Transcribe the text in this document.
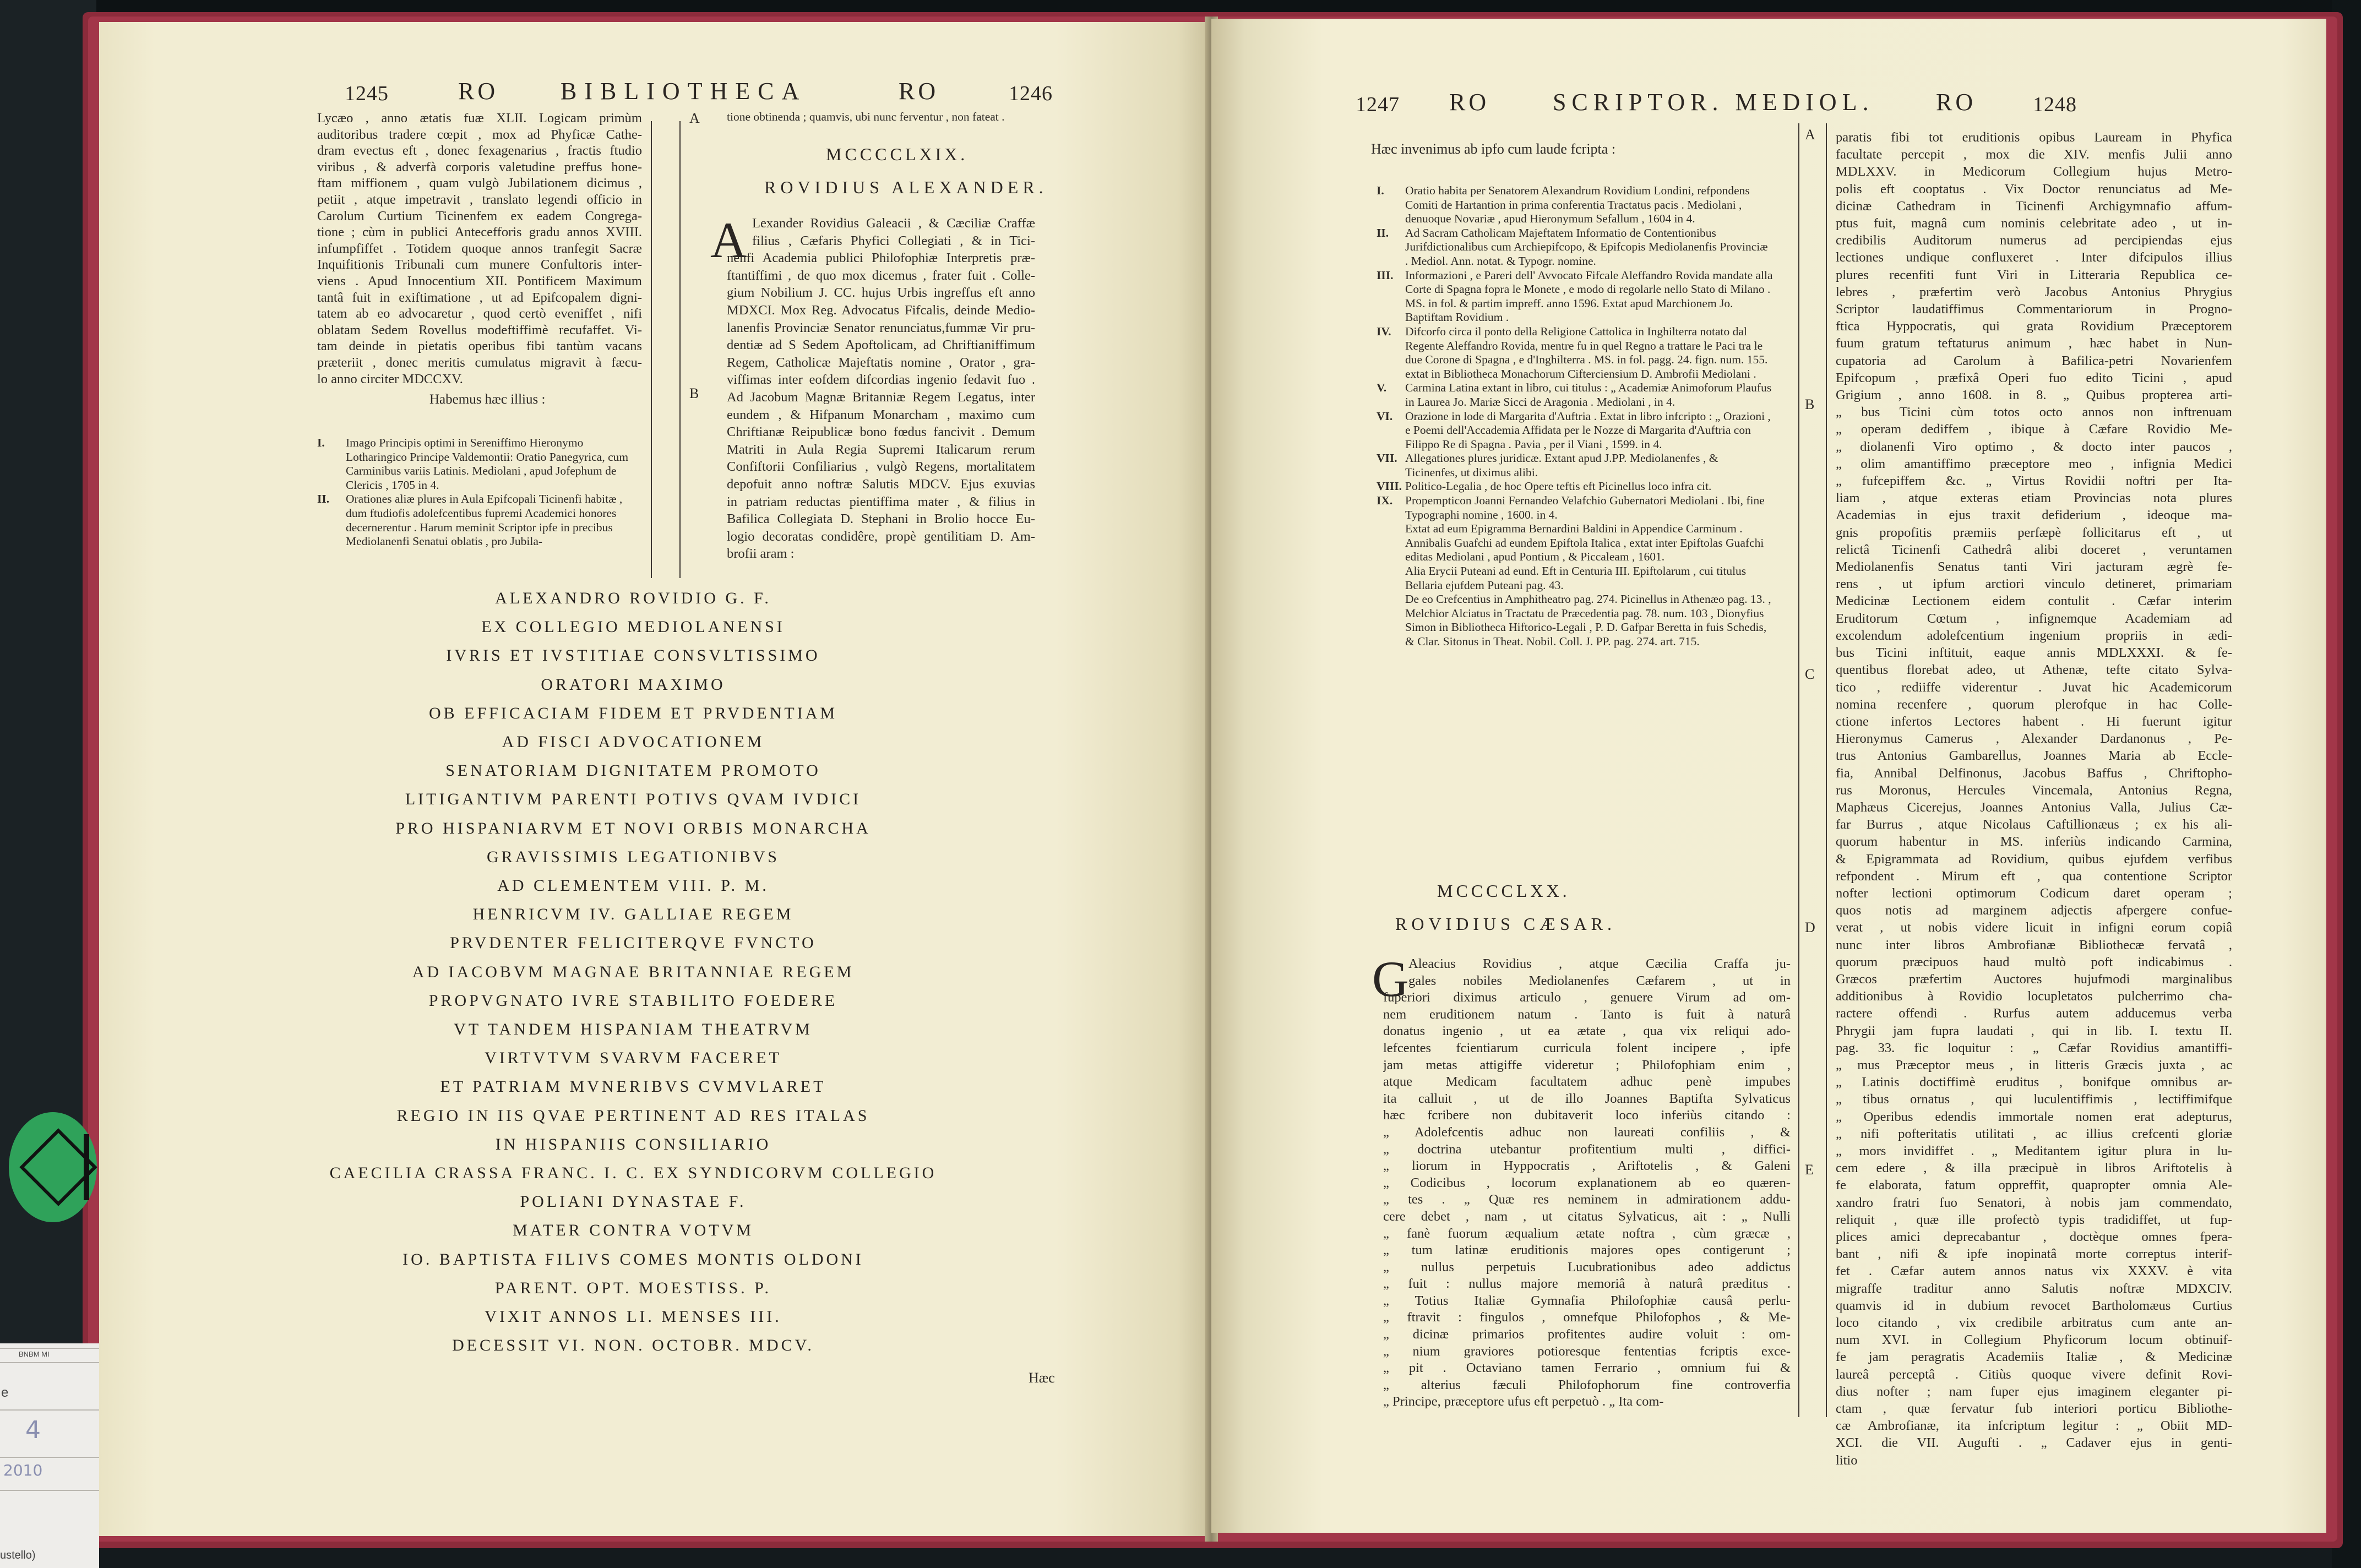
BNBM MI
e
4
2010
ustello)
1245	RO	BIBLIOTHECA	RO	1246
Lycæo , anno ætatis fuæ XLII. Logicam primùm
auditoribus tradere cœpit , mox ad Phyficæ Cathe-
dram evectus eft , donec fexagenarius , fractis ftudio
viribus , & adverfà corporis valetudine preffus hone-
ftam miffionem , quam vulgò Jubilationem dicimus ,
petiit , atque impetravit , translato legendi officio in
Carolum Curtium Ticinenfem ex eadem Congrega-
tione ; cùm in publici Antecefforis gradu annos XVIII.
infumpfiffet . Totidem quoque annos tranfegit Sacræ
Inquifitionis Tribunali cum munere Confultoris inter-
viens . Apud Innocentium XII. Pontificem Maximum
tantâ fuit in exiftimatione , ut ad Epifcopalem digni-
tatem ab eo advocaretur , quod certò eveniffet , nifi
oblatam Sedem Rovellus modeftiffimè recufaffet. Vi-
tam deinde in pietatis operibus fibi tantùm vacans
præteriit , donec meritis cumulatus migravit à fæcu-
lo anno circiter MDCCXV.
Habemus hæc illius :
I.	Imago Principis optimi in Sereniffimo Hieronymo Lotharingico Principe Valdemontii: Oratio Panegyrica, cum Carminibus variis Latinis. Mediolani , apud Jofephum de Clericis , 1705 in 4.
II.	Orationes aliæ plures in Aula Epifcopali Ticinenfi habitæ , dum ftudiofis adolefcentibus fupremi Academici honores decernerentur . Harum meminit Scriptor ipfe in precibus Mediolanenfi Senatui oblatis , pro Jubila-
A
B
tione obtinenda ; quamvis, ubi nunc ferventur , non fateat .
MCCCCLXIX.
ROVIDIUS ALEXANDER.
A Lexander Rovidius Galeacii , & Cæciliæ Craffæ
filius , Cæfaris Phyfici Collegiati , & in Tici-
nenfi Academia publici Philofophiæ Interpretis præ-
ftantiffimi , de quo mox dicemus , frater fuit . Colle-
gium Nobilium J. CC. hujus Urbis ingreffus eft anno
MDXCI. Mox Reg. Advocatus Fifcalis, deinde Medio-
lanenfis Provinciæ Senator renunciatus,fummæ Vir pru-
dentiæ ad S Sedem Apoftolicam, ad Chriftianiffimum
Regem, Catholicæ Majeftatis nomine , Orator , gra-
viffimas inter eofdem difcordias ingenio fedavit fuo .
Ad Jacobum Magnæ Britanniæ Regem Legatus, inter
eundem , & Hifpanum Monarcham , maximo cum
Chriftianæ Reipublicæ bono fœdus fancivit . Demum
Matriti in Aula Regia Supremi Italicarum rerum
Confiftorii Confiliarius , vulgò Regens, mortalitatem
depofuit anno noftræ Salutis MDCV. Ejus exuvias
in patriam reductas pientiffima mater , & filius in
Bafilica Collegiata D. Stephani in Brolio hocce Eu-
logio decoratas condidêre, propè gentilitiam D. Am-
brofii aram :
ALEXANDRO ROVIDIO G. F.
EX COLLEGIO MEDIOLANENSI
IVRIS ET IVSTITIAE CONSVLTISSIMO
ORATORI MAXIMO
OB EFFICACIAM FIDEM ET PRVDENTIAM
AD FISCI ADVOCATIONEM
SENATORIAM DIGNITATEM PROMOTO
LITIGANTIVM PARENTI POTIVS QVAM IVDICI
PRO HISPANIARVM ET NOVI ORBIS MONARCHA
GRAVISSIMIS LEGATIONIBVS
AD CLEMENTEM VIII. P. M.
HENRICVM IV. GALLIAE REGEM
PRVDENTER FELICITERQVE FVNCTO
AD IACOBVM MAGNAE BRITANNIAE REGEM
PROPVGNATO IVRE STABILITO FOEDERE
VT TANDEM HISPANIAM THEATRVM
VIRTVTVM SVARVM FACERET
ET PATRIAM MVNERIBVS CVMVLARET
REGIO IN IIS QVAE PERTINENT AD RES ITALAS
IN HISPANIIS CONSILIARIO
CAECILIA CRASSA FRANC. I. C. EX SYNDICORVM COLLEGIO
POLIANI DYNASTAE F.
MATER CONTRA VOTVM
IO. BAPTISTA FILIVS COMES MONTIS OLDONI
PARENT. OPT. MOESTISS. P.
VIXIT ANNOS LI. MENSES III.
DECESSIT VI. NON. OCTOBR. MDCV.
Hæc
1247 RO	SCRIPTOR. MEDIOL.	RO	1248
Hæc invenimus ab ipfo cum laude fcripta :
I.	Oratio habita per Senatorem Alexandrum Rovidium Londini, refpondens Comiti de Hartantion in prima conferentia Tractatus pacis . Mediolani , denuoque Novariæ , apud Hieronymum Sefallum , 1604 in 4.
II.	Ad Sacram Catholicam Majeftatem Informatio de Contentionibus Jurifdictionalibus cum Archiepifcopo, & Epifcopis Mediolanenfis Provinciæ . Mediol. Ann. notat. & Typogr. nomine.
III.	Informazioni , e Pareri dell' Avvocato Fifcale Aleffandro Rovida mandate alla Corte di Spagna fopra le Monete , e modo di regolarle nello Stato di Milano . MS. in fol. & partim impreff. anno 1596. Extat apud Marchionem Jo. Baptiftam Rovidium .
IV.	Difcorfo circa il ponto della Religione Cattolica in Inghilterra notato dal Regente Aleffandro Rovida, mentre fu in quel Regno a trattare le Paci tra le due Corone di Spagna , e d'Inghilterra . MS. in fol. pagg. 24. fign. num. 155. extat in Bibliotheca Monachorum Cifterciensium D. Ambrofii Mediolani .
V.	Carmina Latina extant in libro, cui titulus : „ Academiæ Animoforum Plaufus in Laurea Jo. Mariæ Sicci de Aragonia . Mediolani , in 4.
VI.	Orazione in lode di Margarita d'Auftria . Extat in libro infcripto : „ Orazioni , e Poemi dell'Accademia Affidata per le Nozze di Margarita d'Auftria con Filippo Re di Spagna . Pavia , per il Viani , 1599. in 4.
VII. Allegationes plures juridicæ. Extant apud J.PP. Mediolanenfes , & Ticinenfes, ut diximus alibi.
VIII. Politico-Legalia , de hoc Opere teftis eft Picinellus loco infra cit.
IX.	Propempticon Joanni Fernandeo Velafchio Gubernatori Mediolani . Ibi, fine Typographi nomine , 1600. in 4.
Extat ad eum Epigramma Bernardini Baldini in Appendice Carminum .
Annibalis Guafchi ad eundem Epiftola Italica , extat inter Epiftolas Guafchi editas Mediolani , apud Pontium , & Piccaleam , 1601.
Alia Erycii Puteani ad eund. Eft in Centuria III. Epiftolarum , cui titulus Bellaria ejufdem Puteani pag. 43.
De eo Crefcentius in Amphitheatro pag. 274. Picinellus in Athenæo pag. 13. , Melchior Alciatus in Tractatu de Præcedentia pag. 78. num. 103 , Dionyfius Simon in Bibliotheca Hiftorico-Legali , P. D. Gafpar Beretta in fuis Schedis, & Clar. Sitonus in Theat. Nobil. Coll. J. PP. pag. 274. art. 715.
MCCCCLXX.
ROVIDIUS CÆSAR.
G Aleacius Rovidius , atque Cæcilia Craffa ju-
gales nobiles Mediolanenfes Cæfarem , ut in
fuperiori diximus articulo , genuere Virum ad om-
nem eruditionem natum . Tanto is fuit à naturâ
donatus ingenio , ut ea ætate , qua vix reliqui ado-
lefcentes fcientiarum curricula folent incipere , ipfe
jam metas attigiffe videretur ; Philofophiam enim ,
atque Medicam facultatem adhuc penè impubes
ita calluit , ut de illo Joannes Baptifta Sylvaticus
hæc fcribere non dubitaverit loco inferiùs citando :
„ Adolefcentis adhuc non laureati confiliis , &
„ doctrina utebantur profitentium multi , diffici-
„ liorum in Hyppocratis , Ariftotelis , & Galeni
„ Codicibus , locorum explanationem ab eo quæren-
„ tes . „ Quæ res neminem in admirationem addu-
cere debet , nam , ut citatus Sylvaticus, ait : „ Nulli
„ fanè fuorum æqualium ætate noftra , cùm græcæ ,
„ tum latinæ eruditionis majores opes contigerunt ;
„ nullus perpetuis Lucubrationibus adeo addictus
„ fuit : nullus majore memoriâ à naturâ præditus .
„ Totius Italiæ Gymnafia Philofophiæ causâ perlu-
„ ftravit : fingulos , omnefque Philofophos , & Me-
„ dicinæ primarios profitentes audire voluit : om-
„ nium graviores potioresque fententias fcriptis exce-
„ pit . Octaviano tamen Ferrario , omnium fui &
„ alterius fæculi Philofophorum fine controverfia
„ Principe, præceptore ufus eft perpetuò . „ Ita com-
A
B
C
D
E
paratis fibi tot eruditionis opibus Lauream in Phyfica
facultate percepit , mox die XIV. menfis Julii anno
MDLXXV. in Medicorum Collegium hujus Metro-
polis eft cooptatus . Vix Doctor renunciatus ad Me-
dicinæ Cathedram in Ticinenfi Archigymnafio affum-
ptus fuit, magnâ cum nominis celebritate adeo , ut in-
credibilis Auditorum numerus ad percipiendas ejus
lectiones undique confluxeret . Inter difcipulos illius
plures recenfiti funt Viri in Litteraria Republica ce-
lebres , præfertim verò Jacobus Antonius Phrygius
Scriptor laudatiffimus Commentariorum in Progno-
ftica Hyppocratis, qui grata Rovidium Præceptorem
fuum gratum teftaturus animum , hæc habet in Nun-
cupatoria ad Carolum à Bafilica-petri Novarienfem
Epifcopum , præfixâ Operi fuo edito Ticini , apud
Grigium , anno 1608. in 8. „ Quibus propterea arti-
„ bus Ticini cùm totos octo annos non inftrenuam
„ operam dediffem , ibique à Cæfare Rovidio Me-
„ diolanenfi Viro optimo , & docto inter paucos ,
„ olim amantiffimo præceptore meo , infignia Medici
„ fufcepiffem &c. „ Virtus Rovidii noftri per Ita-
liam , atque exteras etiam Provincias nota plures
Academias in ejus traxit defiderium , ideoque ma-
gnis propofitis præmiis perfæpè follicitarus eft , ut
relictâ Ticinenfi Cathedrâ alibi doceret , veruntamen
Mediolanenfis Senatus tanti Viri jacturam ægrè fe-
rens , ut ipfum arctiori vinculo detineret, primariam
Medicinæ Lectionem eidem contulit . Cæfar interim
Eruditorum Cœtum , infignemque Academiam ad
excolendum adolefcentium ingenium propriis in ædi-
bus Ticini inftituit, eaque annis MDLXXXI. & fe-
quentibus florebat adeo, ut Athenæ, tefte citato Sylva-
tico , rediiffe viderentur . Juvat hic Academicorum
nomina recenfere , quorum plerofque in hac Colle-
ctione infertos Lectores habent . Hi fuerunt igitur
Hieronymus Camerus , Alexander Dardanonus , Pe-
trus Antonius Gambarellus, Joannes Maria ab Eccle-
fia, Annibal Delfinonus, Jacobus Baffus , Chriftopho-
rus Moronus, Hercules Vincemala, Antonius Regna,
Maphæus Cicerejus, Joannes Antonius Valla, Julius Cæ-
far Burrus , atque Nicolaus Caftillionæus ; ex his ali-
quorum habentur in MS. inferiùs indicando Carmina,
& Epigrammata ad Rovidium, quibus ejufdem verfibus
refpondent . Mirum eft , qua contentione Scriptor
nofter lectioni optimorum Codicum daret operam ;
quos notis ad marginem adjectis afpergere confue-
verat , ut nobis videre licuit in infigni eorum copiâ
nunc inter libros Ambrofianæ Bibliothecæ fervatâ ,
quorum præcipuos haud multò poft indicabimus .
Græcos præfertim Auctores hujufmodi marginalibus
additionibus à Rovidio locupletatos pulcherrimo cha-
ractere offendi . Rurfus autem adducemus verba
Phrygii jam fupra laudati , qui in lib. I. textu II.
pag. 33. fic loquitur : „ Cæfar Rovidius amantiffi-
„ mus Præceptor meus , in litteris Græcis juxta , ac
„ Latinis doctiffimè eruditus , bonifque omnibus ar-
„ tibus ornatus , qui luculentiffimis , lectiffimifque
„ Operibus edendis immortale nomen erat adepturus,
„ nifi pofteritatis utilitati , ac illius crefcenti gloriæ
„ mors invidiffet . „ Meditantem igitur plura in lu-
cem edere , & illa præcipuè in libros Ariftotelis à
fe elaborata, fatum oppreffit, quapropter omnia Ale-
xandro fratri fuo Senatori, à nobis jam commendato,
reliquit , quæ ille profectò typis tradidiffet, ut fup-
plices amici deprecabantur , doctèque omnes fpera-
bant , nifi & ipfe inopinatâ morte correptus interif-
fet . Cæfar autem annos natus vix XXXV. è vita
migraffe traditur anno Salutis noftræ MDXCIV.
quamvis id in dubium revocet Bartholomæus Curtius
loco citando , vix credibile arbitratus cum ante an-
num XVI. in Collegium Phyficorum locum obtinuif-
fe jam peragratis Academiis Italiæ , & Medicinæ
laureâ perceptâ . Citiùs quoque vivere definit Rovi-
dius nofter ; nam fuper ejus imaginem eleganter pi-
ctam , quæ fervatur fub interiori porticu Bibliothe-
cæ Ambrofianæ, ita infcriptum legitur : „ Obiit MD-
XCI. die VII. Augufti . „ Cadaver ejus in genti-
litio
